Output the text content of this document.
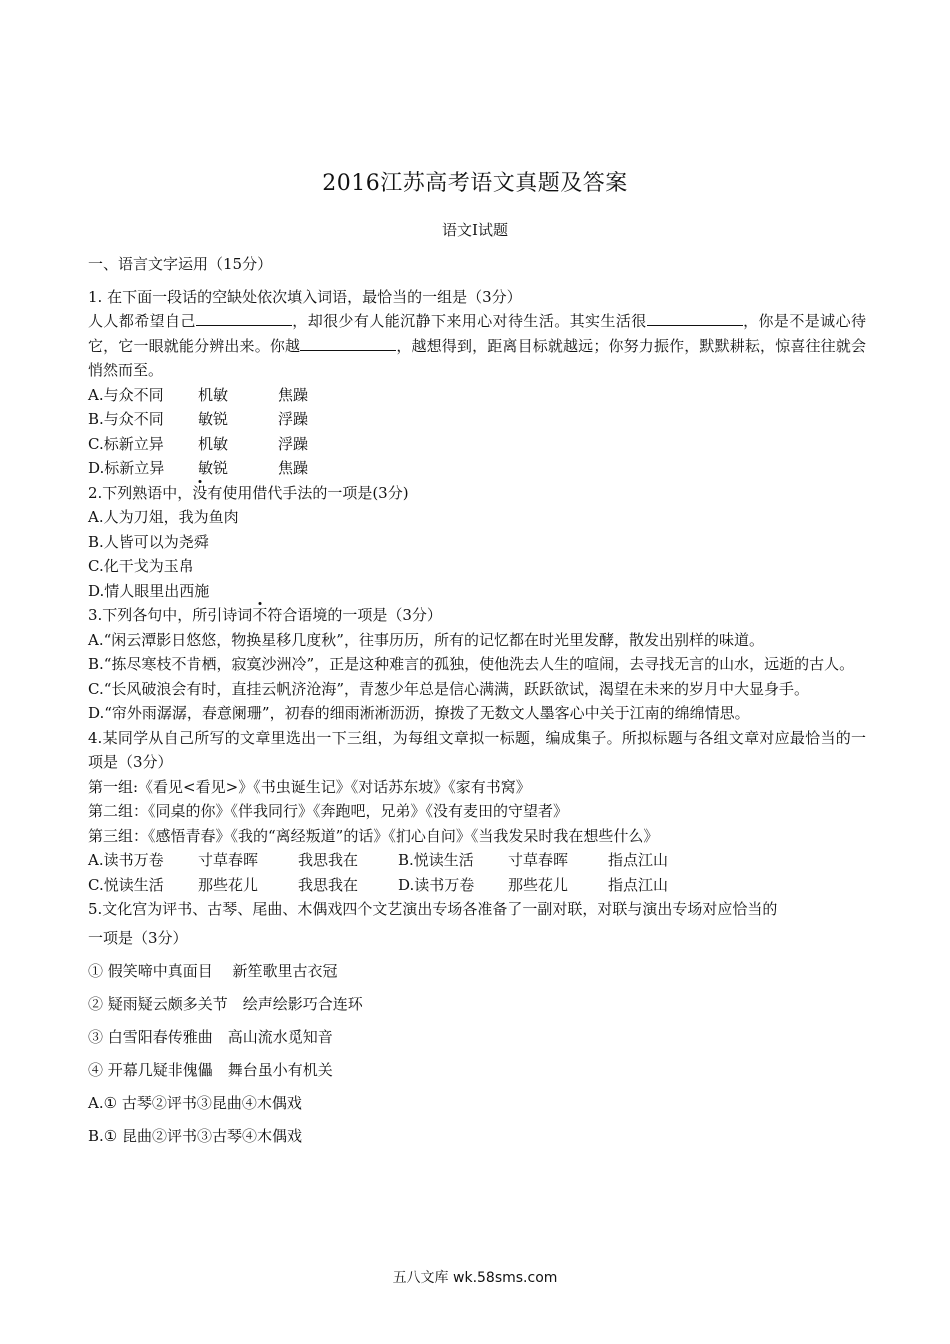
2016江苏高考语文真题及答案
语文Ⅰ试题

一、语言文字运用（15分）

1. 在下面一段话的空缺处依次填入词语，最恰当的一组是（3分）

人人都希望自己	，却很少有人能沉静下来用心对待生活。其实生活很	，你是不是诚心待它，它一眼就能分辨出来。你越	，越想得到，距离目标就越远；你努力振作，默默耕耘，惊喜往往就会悄然而至。

A.与众不同 机敏	焦躁

B.与众不同 敏锐	浮躁

C.标新立异 机敏	浮躁

D.标新立异 敏锐	焦躁

2.下列熟语中，没有使用借代手法的一项是(3分)

A.人为刀俎，我为鱼肉

B.人皆可以为尧舜

C.化干戈为玉帛

D.情人眼里出西施

3.下列各句中，所引诗词不符合语境的一项是（3分）

A.“闲云潭影日悠悠，物换星移几度秋”，往事历历，所有的记忆都在时光里发酵，散发出别样的味道。

B.“拣尽寒枝不肯栖，寂寞沙洲冷”，正是这种难言的孤独，使他洗去人生的喧闹，去寻找无言的山水，远逝的古人。

C.“长风破浪会有时，直挂云帆济沧海”，青葱少年总是信心满满，跃跃欲试，渴望在未来的岁月中大显身手。

D.“帘外雨潺潺，春意阑珊”，初春的细雨淅淅沥沥，撩拨了无数文人墨客心中关于江南的绵绵情思。

4.某同学从自己所写的文章里选出一下三组，为每组文章拟一标题，编成集子。所拟标题与各组文章对应最恰当的一项是（3分）

第一组:《看见<看见>》《书虫诞生记》《对话苏东坡》《家有书窝》

第二组：《同桌的你》《伴我同行》《奔跑吧，兄弟》《没有麦田的守望者》

第三组：《感悟青春》《我的“离经叛道”的话》《扪心自问》《当我发呆时我在想些什么》

A.读书万卷 寸草春晖	我思我在	B.悦读生活 寸草春晖	指点江山

C.悦读生活 那些花儿	我思我在	D.读书万卷 那些花儿	指点江山

5.文化宫为评书、古琴、尾曲、木偶戏四个文艺演出专场各准备了一副对联，对联与演出专场对应恰当的

一项是（3分）

① 假笑啼中真面目　 新笙歌里古衣冠

② 疑雨疑云颇多关节　绘声绘影巧合连环

③ 白雪阳春传雅曲　高山流水觅知音

④ 开幕几疑非傀儡　舞台虽小有机关

A.① 古琴②评书③昆曲④木偶戏

B.① 昆曲②评书③古琴④木偶戏

五八文库 wk.58sms.com
